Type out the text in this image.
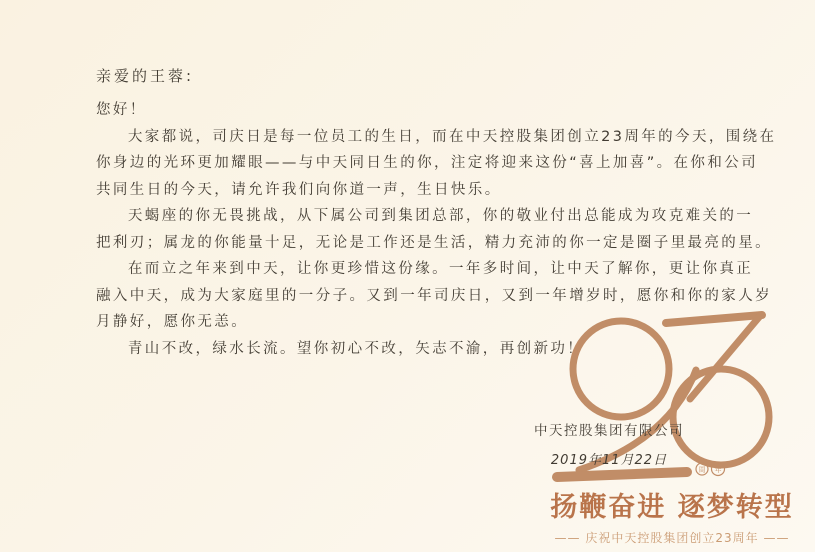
亲爱的王蓉:
您好！
大家都说，司庆日是每一位员工的生日，而在中天控股集团创立23周年的今天，围绕在
你身边的光环更加耀眼——与中天同日生的你，注定将迎来这份“喜上加喜”。在你和公司
共同生日的今天，请允许我们向你道一声，生日快乐。
天蝎座的你无畏挑战，从下属公司到集团总部，你的敬业付出总能成为攻克难关的一
把利刃；属龙的你能量十足，无论是工作还是生活，精力充沛的你一定是圈子里最亮的星。
在而立之年来到中天，让你更珍惜这份缘。一年多时间，让中天了解你，更让你真正
融入中天，成为大家庭里的一分子。又到一年司庆日，又到一年增岁时，愿你和你的家人岁
月静好，愿你无恙。
青山不改，绿水长流。望你初心不改，矢志不渝，再创新功！
周 年
中天控股集团有限公司
2019年11月22日
扬鞭奋进 逐梦转型
—— 庆祝中天控股集团创立23周年 ——
